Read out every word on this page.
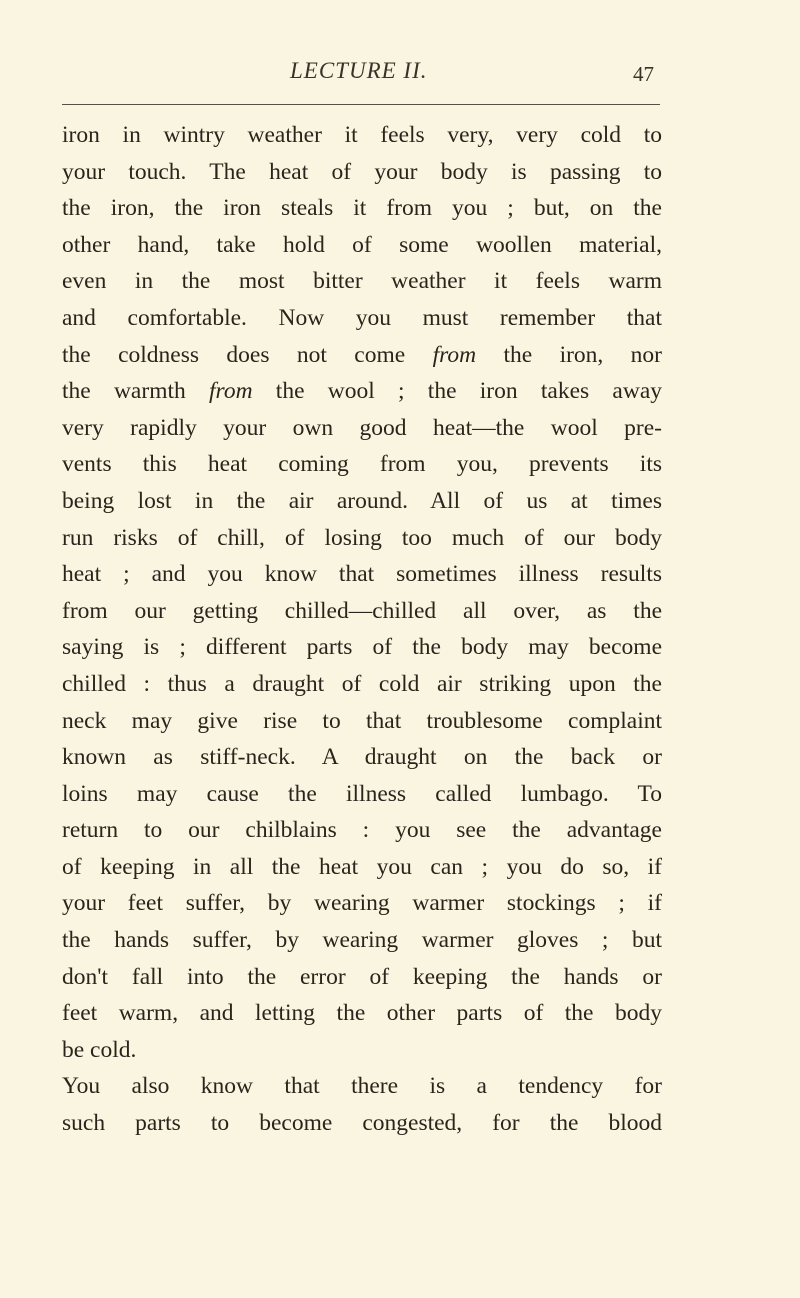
LECTURE II.	47
iron in wintry weather it feels very, very cold to
your touch. The heat of your body is passing to
the iron, the iron steals it from you ; but, on the
other hand, take hold of some woollen material,
even in the most bitter weather it feels warm
and comfortable. Now you must remember that
the coldness does not come from the iron, nor
the warmth from the wool ; the iron takes away
very rapidly your own good heat—the wool pre-
vents this heat coming from you, prevents its
being lost in the air around. All of us at times
run risks of chill, of losing too much of our body
heat ; and you know that sometimes illness results
from our getting chilled—chilled all over, as the
saying is ; different parts of the body may become
chilled : thus a draught of cold air striking upon the
neck may give rise to that troublesome complaint
known as stiff-neck. A draught on the back or
loins may cause the illness called lumbago. To
return to our chilblains : you see the advantage
of keeping in all the heat you can ; you do so, if
your feet suffer, by wearing warmer stockings ; if
the hands suffer, by wearing warmer gloves ; but
don't fall into the error of keeping the hands or
feet warm, and letting the other parts of the body
be cold.
You also know that there is a tendency for
such parts to become congested, for the blood
